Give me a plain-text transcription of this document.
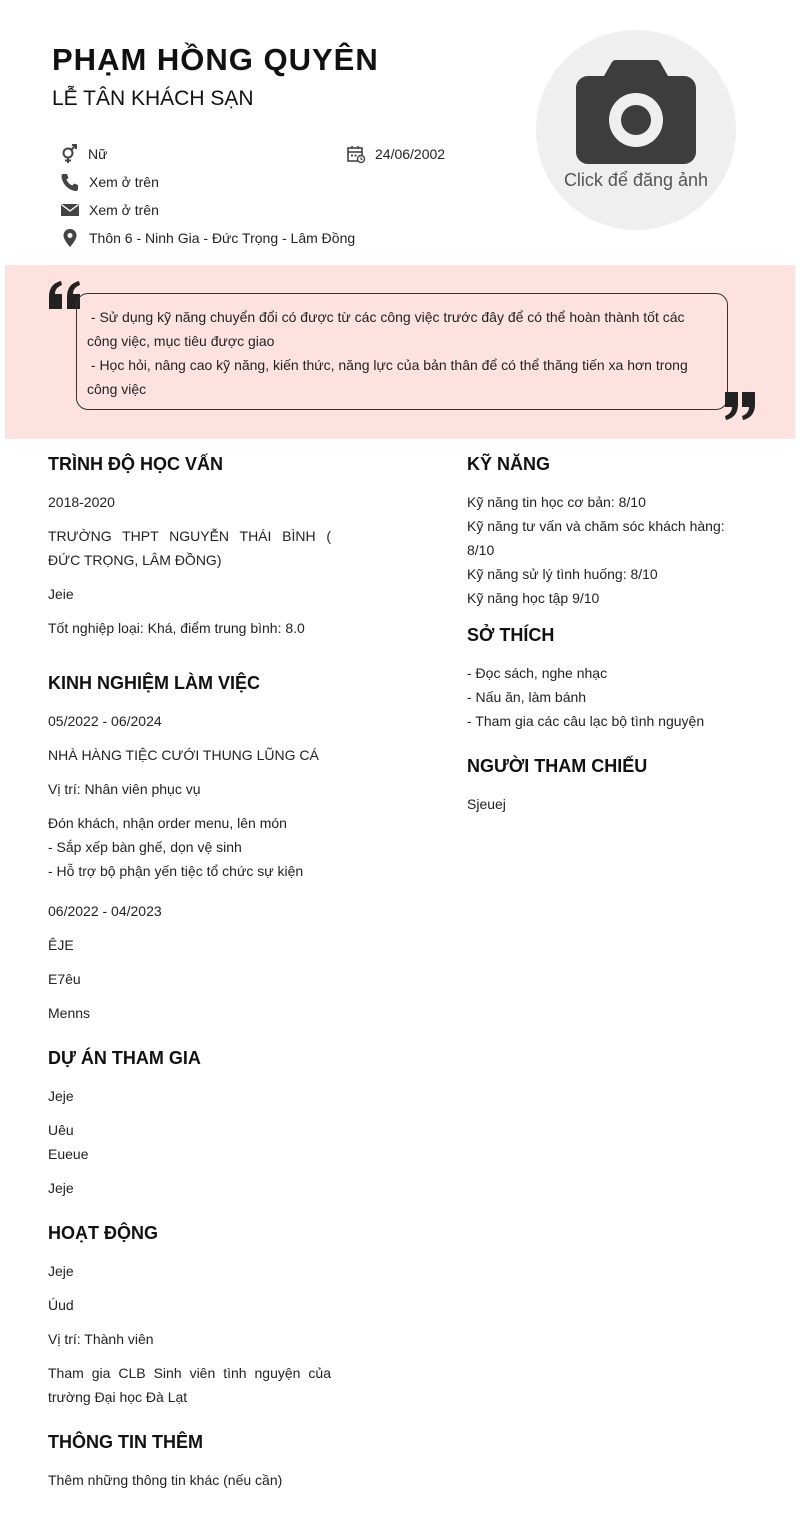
PHẠM HỒNG QUYÊN
LỄ TÂN KHÁCH SẠN
Nữ	24/06/2002
Xem ở trên
Xem ở trên
Thôn 6 - Ninh Gia - Đức Trọng - Lâm Đồng
Click để đăng ảnh

- Sử dụng kỹ năng chuyển đổi có được từ các công việc trước đây để có thể hoàn thành tốt các công việc, mục tiêu được giao

- Học hỏi, nâng cao kỹ năng, kiến thức, năng lực của bản thân để có thể thăng tiến xa hơn trong công việc

TRÌNH ĐỘ HỌC VẤN
2018-2020
TRƯỜNG THPT NGUYỄN THÁI BÌNH ( ĐỨC TRỌNG, LÂM ĐỒNG)
Jeie
Tốt nghiệp loại: Khá, điểm trung bình: 8.0
KINH NGHIỆM LÀM VIỆC
05/2022 - 06/2024
NHÀ HÀNG TIỆC CƯỚI THUNG LŨNG CÁ
Vị trí: Nhân viên phục vụ
Đón khách, nhận order menu, lên món
- Sắp xếp bàn ghế, dọn vệ sinh
- Hỗ trợ bộ phận yến tiệc tổ chức sự kiện
06/2022 - 04/2023
ÊJE
E7êu
Menns
DỰ ÁN THAM GIA
Jeje
Uêu
Eueue
Jeje
HOẠT ĐỘNG
Jeje
Úud
Vị trí: Thành viên
Tham gia CLB Sinh viên tình nguyện của trường Đại học Đà Lạt
THÔNG TIN THÊM
Thêm những thông tin khác (nếu cần)
KỸ NĂNG
Kỹ năng tin học cơ bản: 8/10
Kỹ năng tư vấn và chăm sóc khách hàng: 8/10
Kỹ năng sử lý tình huống: 8/10
Kỹ năng học tập 9/10
SỞ THÍCH
- Đọc sách, nghe nhạc
- Nấu ăn, làm bánh
- Tham gia các câu lạc bộ tình nguyện
NGƯỜI THAM CHIẾU
Sjeuej
